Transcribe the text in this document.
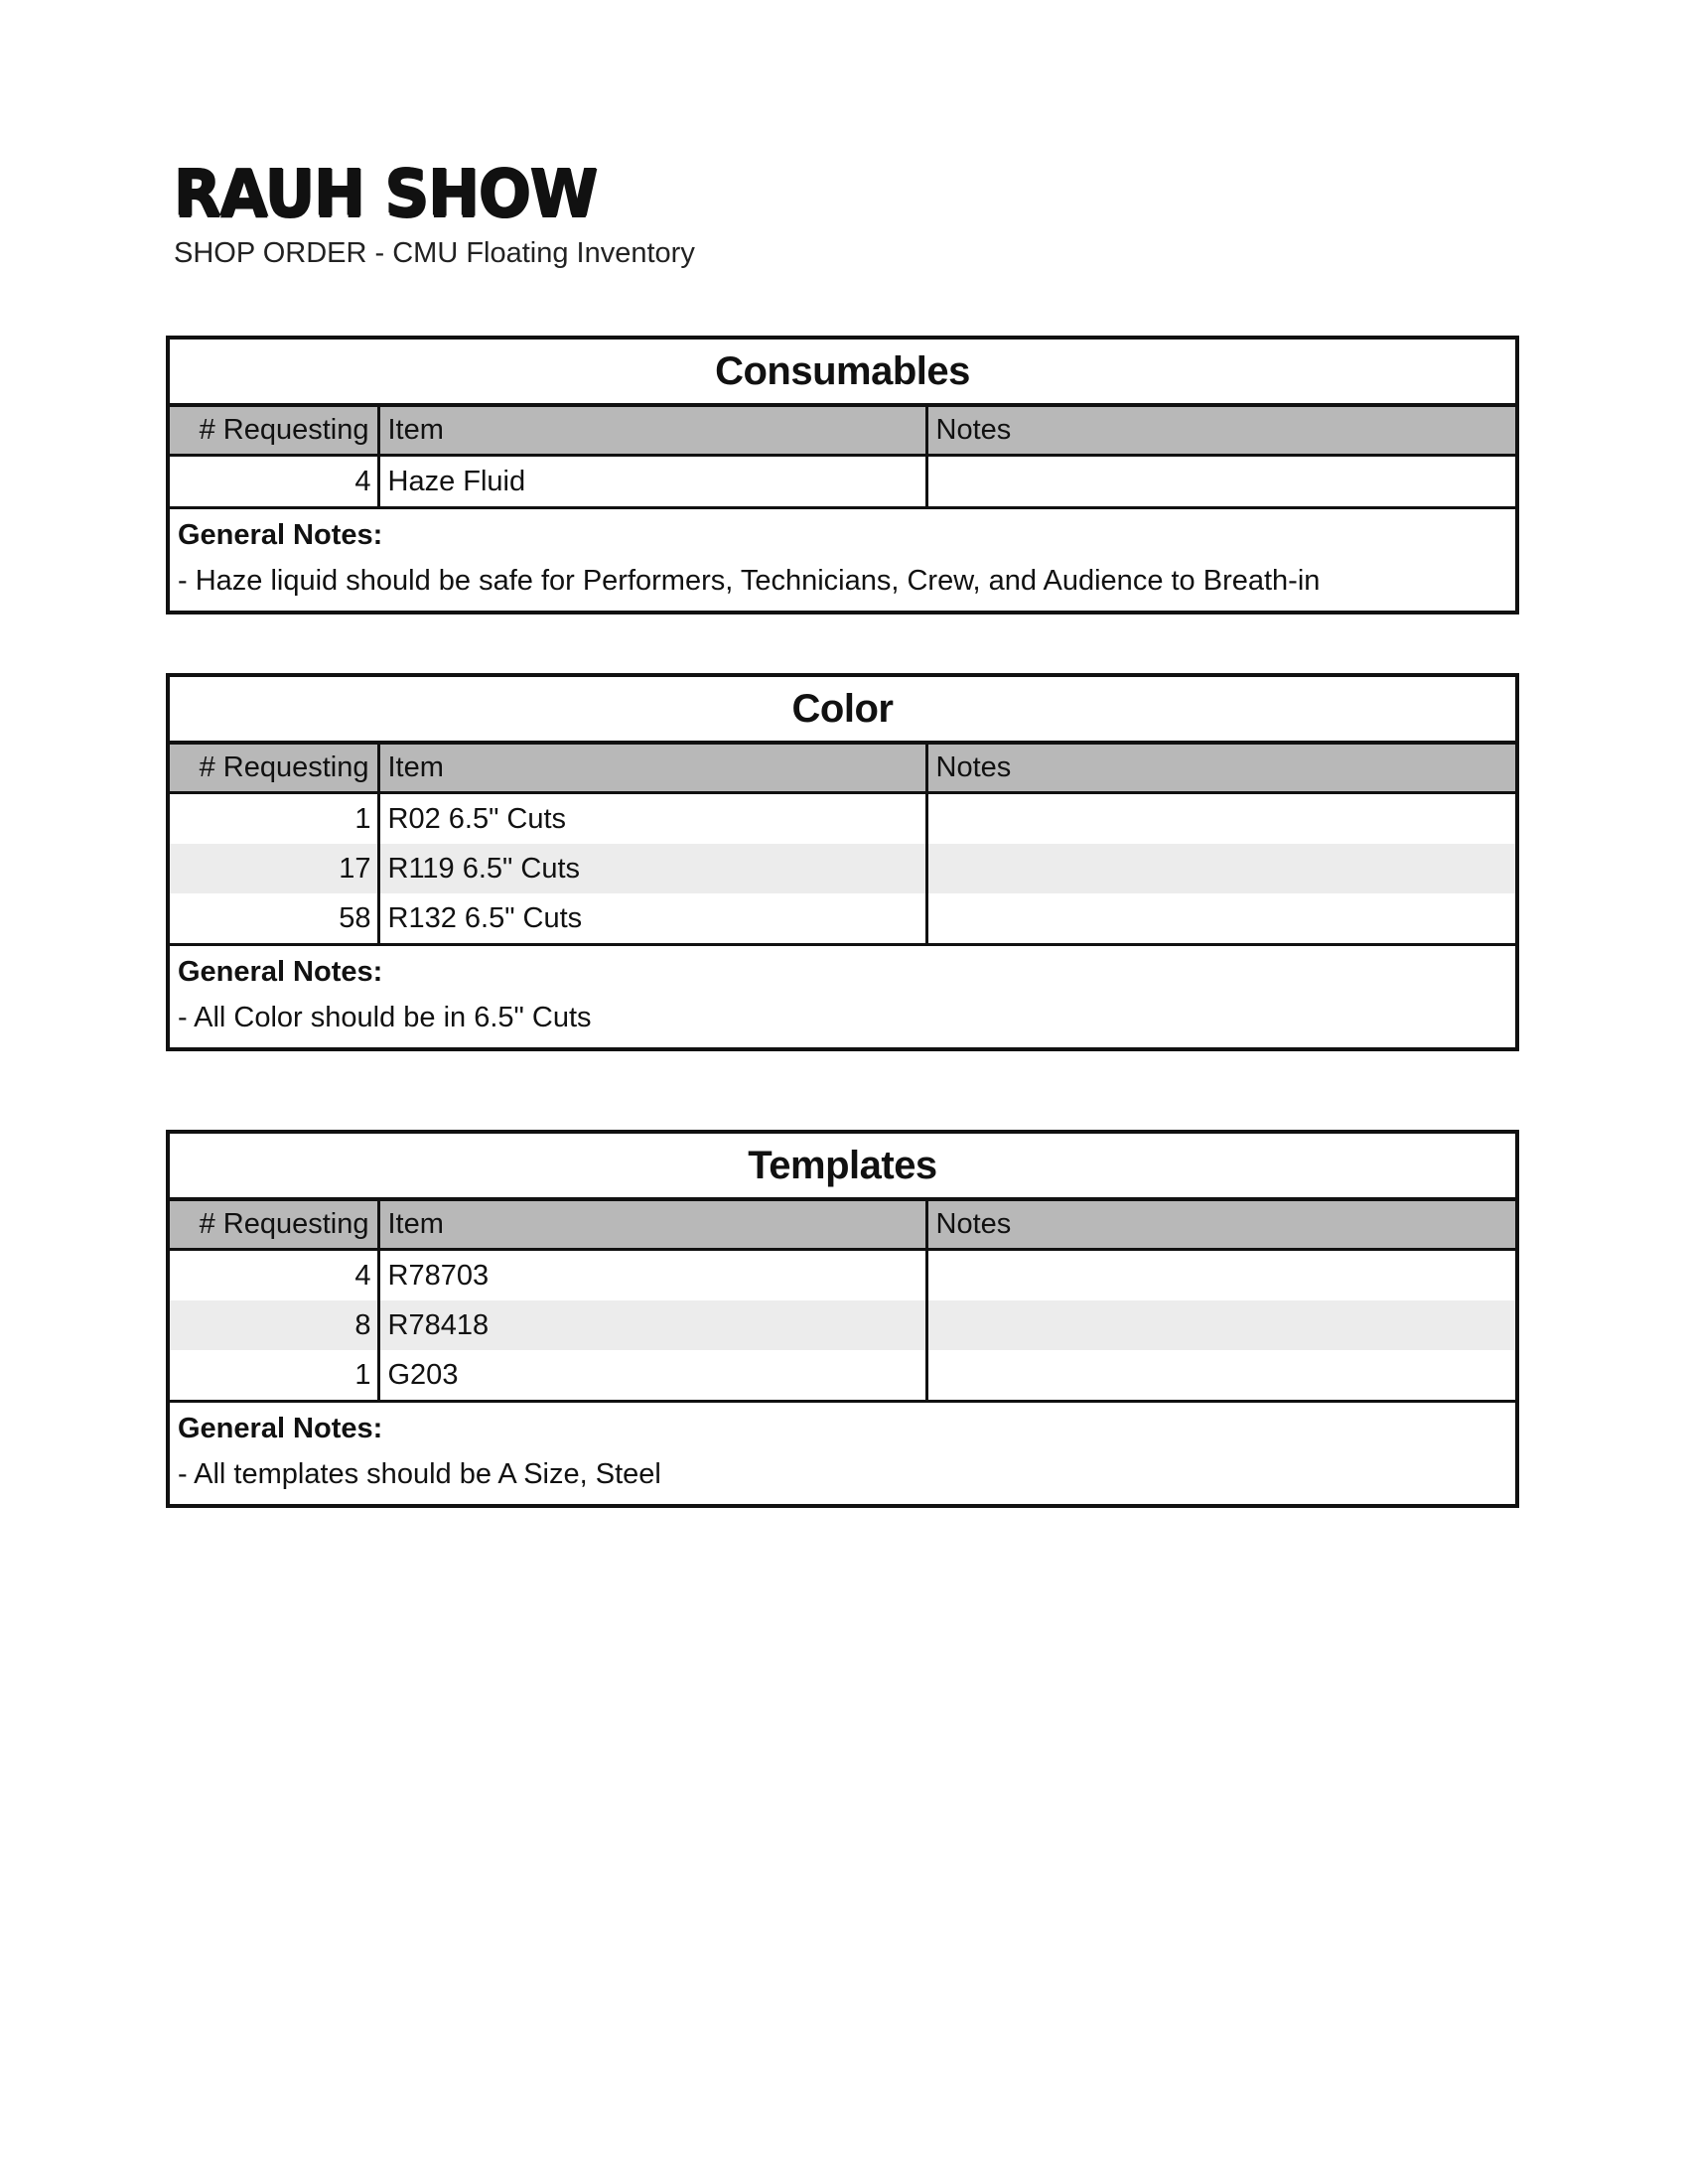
RAUH SHOW
SHOP ORDER - CMU Floating Inventory
Consumables
# Requesting	Item	Notes
4	Haze Fluid	
General Notes:
- Haze liquid should be safe for Performers, Technicians, Crew, and Audience to Breath-in
Color
# Requesting	Item	Notes
1	R02 6.5" Cuts	
17	R119 6.5" Cuts	
58	R132 6.5" Cuts	
General Notes:
- All Color should be in 6.5" Cuts
Templates
# Requesting	Item	Notes
4	R78703	
8	R78418	
1	G203	
General Notes:
- All templates should be A Size, Steel
